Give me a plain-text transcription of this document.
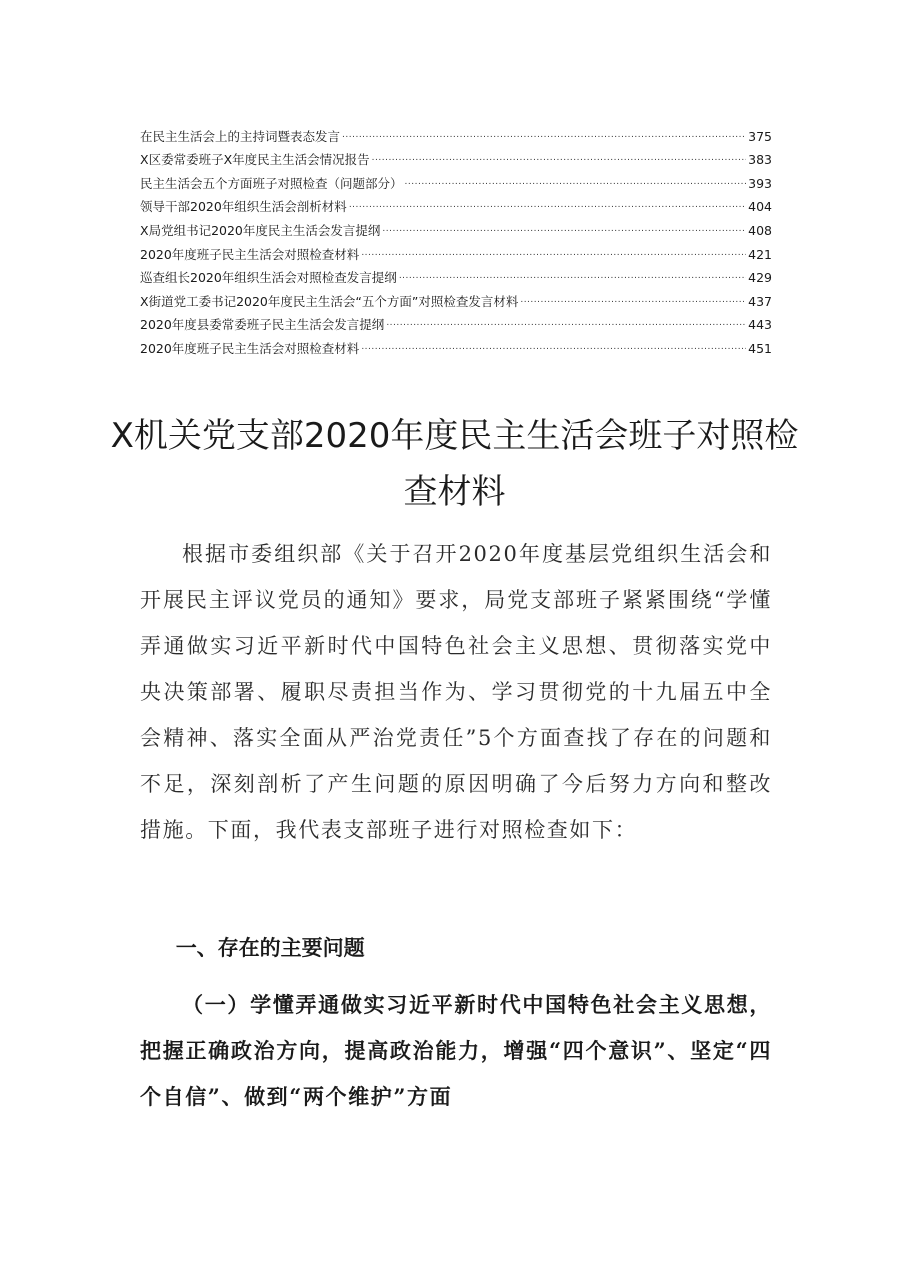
在民主生活会上的主持词暨表态发言 .....	375
X区委常委班子X年度民主生活会情况报告 .....	383
民主生活会五个方面班子对照检查（问题部分） .....	393
领导干部2020年组织生活会剖析材料 .....	404
X局党组书记2020年度民主生活会发言提纲 .....	408
2020年度班子民主生活会对照检查材料 .....	421
巡查组长2020年组织生活会对照检查发言提纲 .....	429
X街道党工委书记2020年度民主生活会“五个方面”对照检查发言材料 .....	437
2020年度县委常委班子民主生活会发言提纲 .....	443
2020年度班子民主生活会对照检查材料 .....	451
X机关党支部2020年度民主生活会班子对照检查材料

根据市委组织部《关于召开2020年度基层党组织生活会和开展民主评议党员的通知》要求，局党支部班子紧紧围绕“学懂弄通做实习近平新时代中国特色社会主义思想、贯彻落实党中央决策部署、履职尽责担当作为、学习贯彻党的十九届五中全会精神、落实全面从严治党责任”5个方面查找了存在的问题和不足，深刻剖析了产生问题的原因明确了今后努力方向和整改措施。下面，我代表支部班子进行对照检查如下：

一、存在的主要问题
（一）学懂弄通做实习近平新时代中国特色社会主义思想，把握正确政治方向，提高政治能力，增强“四个意识”、坚定“四个自信”、做到“两个维护”方面
